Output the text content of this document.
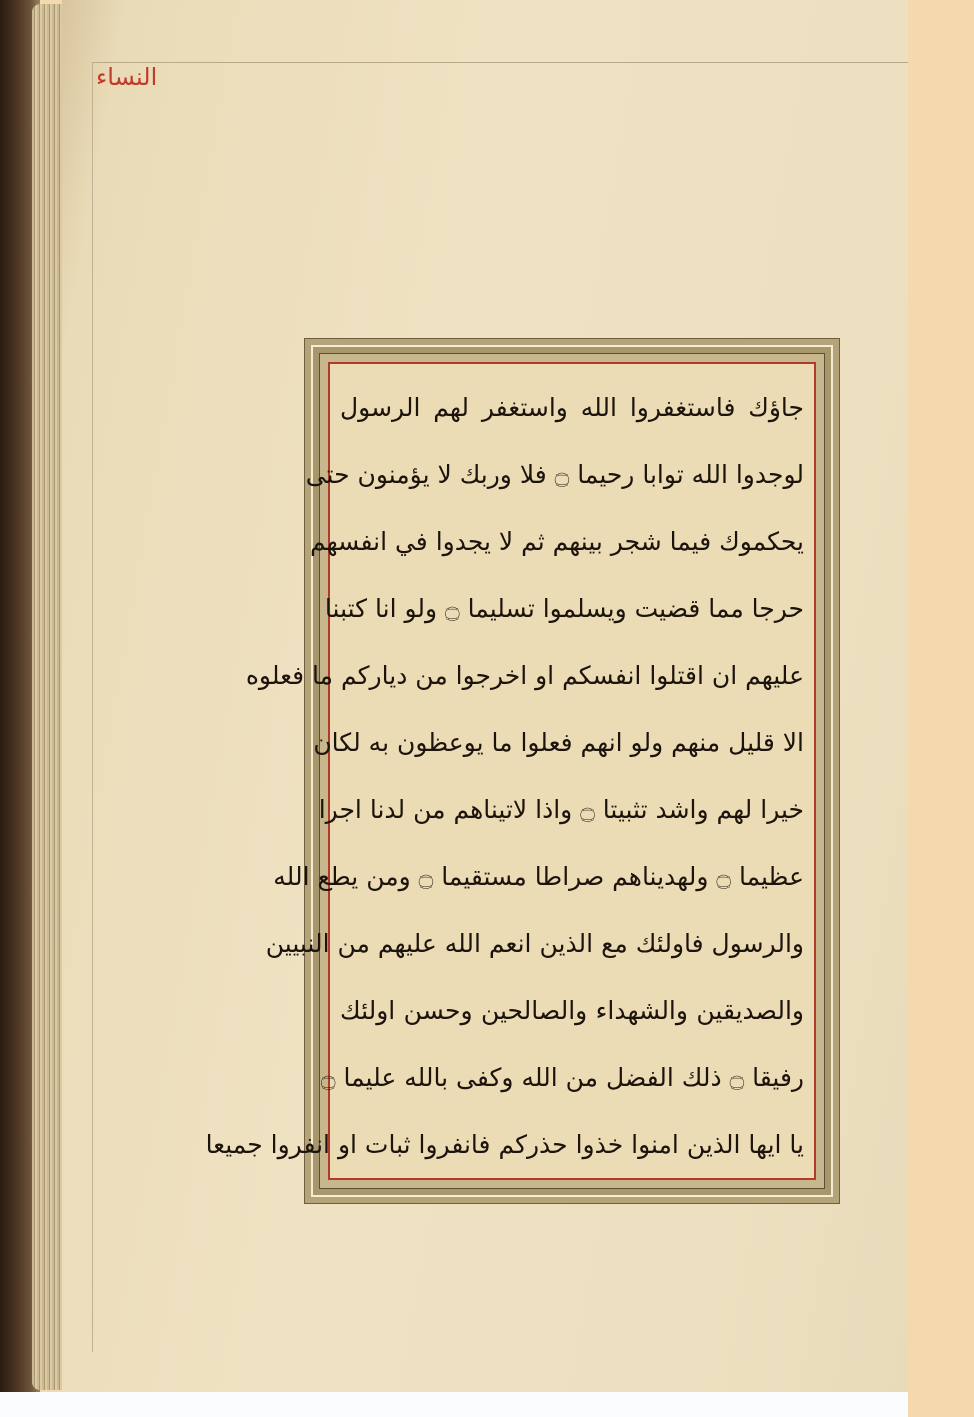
النساء
جاؤك فاستغفروا الله واستغفر لهم الرسول
لوجدوا الله توابا رحيما ۝ فلا وربك لا يؤمنون حتى
يحكموك فيما شجر بينهم ثم لا يجدوا في انفسهم
حرجا مما قضيت ويسلموا تسليما ۝ ولو انا كتبنا
عليهم ان اقتلوا انفسكم او اخرجوا من دياركم ما فعلوه
الا قليل منهم ولو انهم فعلوا ما يوعظون به لكان
خيرا لهم واشد تثبيتا ۝ واذا لاتيناهم من لدنا اجرا
عظيما ۝ ولهديناهم صراطا مستقيما ۝ ومن يطع الله
والرسول فاولئك مع الذين انعم الله عليهم من النبيين
والصديقين والشهداء والصالحين وحسن اولئك
رفيقا ۝ ذلك الفضل من الله وكفى بالله عليما ۝
يا ايها الذين امنوا خذوا حذركم فانفروا ثبات او انفروا جميعا
